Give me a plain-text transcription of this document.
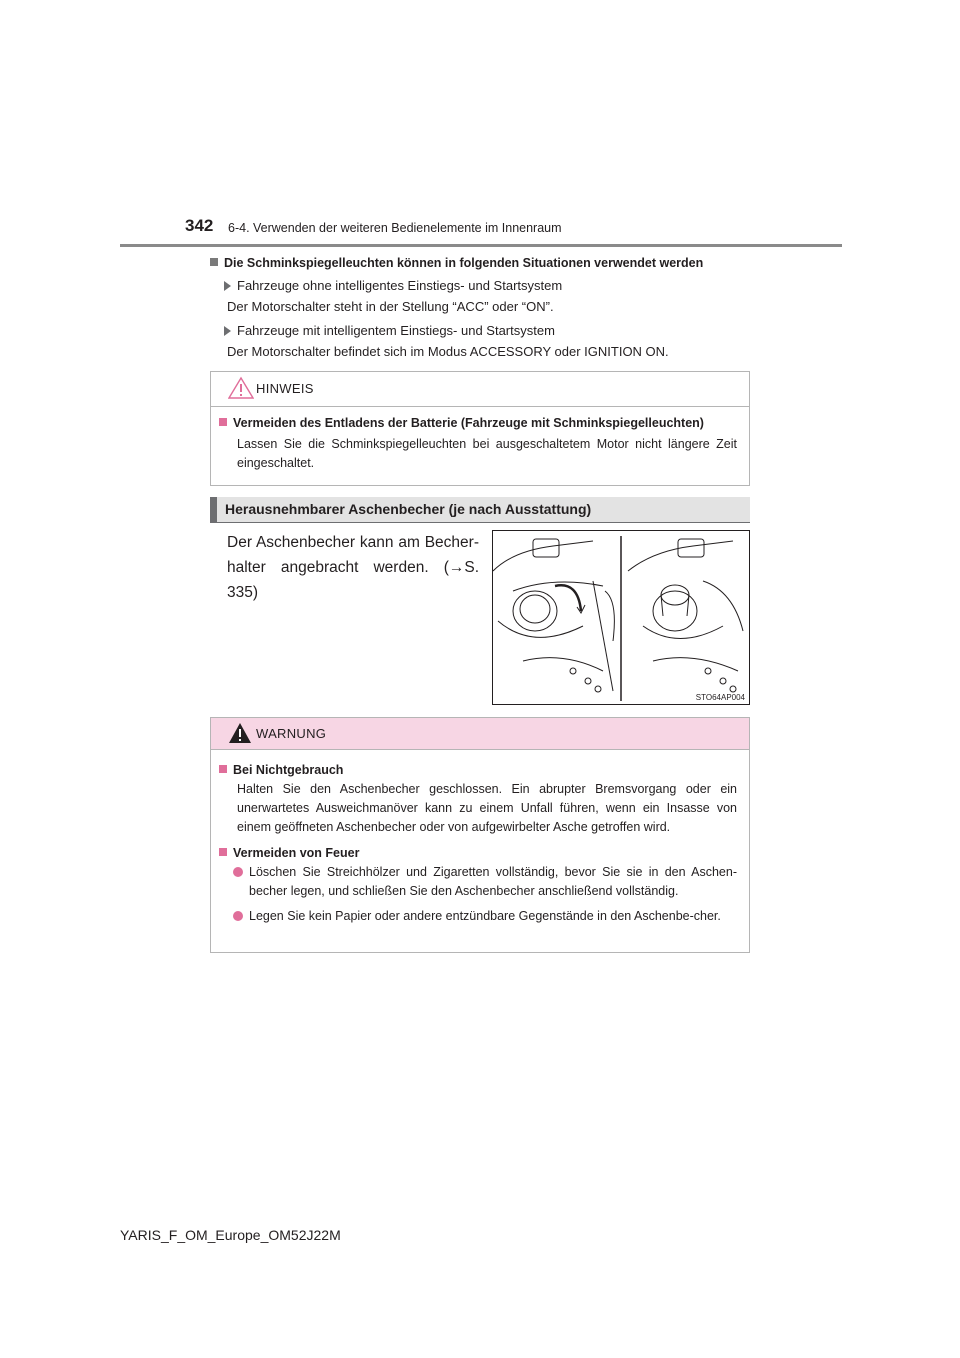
342 6-4. Verwenden der weiteren Bedienelemente im Innenraum
Die Schminkspiegelleuchten können in folgenden Situationen verwendet werden
Fahrzeuge ohne intelligentes Einstiegs- und Startsystem
Der Motorschalter steht in der Stellung “ACC” oder “ON”.
Fahrzeuge mit intelligentem Einstiegs- und Startsystem
Der Motorschalter befindet sich im Modus ACCESSORY oder IGNITION ON.
HINWEIS
Vermeiden des Entladens der Batterie (Fahrzeuge mit Schminkspiegelleuchten)
Lassen Sie die Schminkspiegelleuchten bei ausgeschaltetem Motor nicht längere Zeit eingeschaltet.
Herausnehmbarer Aschenbecher (je nach Ausstattung)
Der Aschenbecher kann am Becher-halter angebracht werden. (→S. 335)
STO64AP004
WARNUNG
Bei Nichtgebrauch
Halten Sie den Aschenbecher geschlossen. Ein abrupter Bremsvorgang oder ein unerwartetes Ausweichmanöver kann zu einem Unfall führen, wenn ein Insasse von einem geöffneten Aschenbecher oder von aufgewirbelter Asche getroffen wird.
Vermeiden von Feuer
Löschen Sie Streichhölzer und Zigaretten vollständig, bevor Sie sie in den Aschen-becher legen, und schließen Sie den Aschenbecher anschließend vollständig.
Legen Sie kein Papier oder andere entzündbare Gegenstände in den Aschenbe-cher.
YARIS_F_OM_Europe_OM52J22M
